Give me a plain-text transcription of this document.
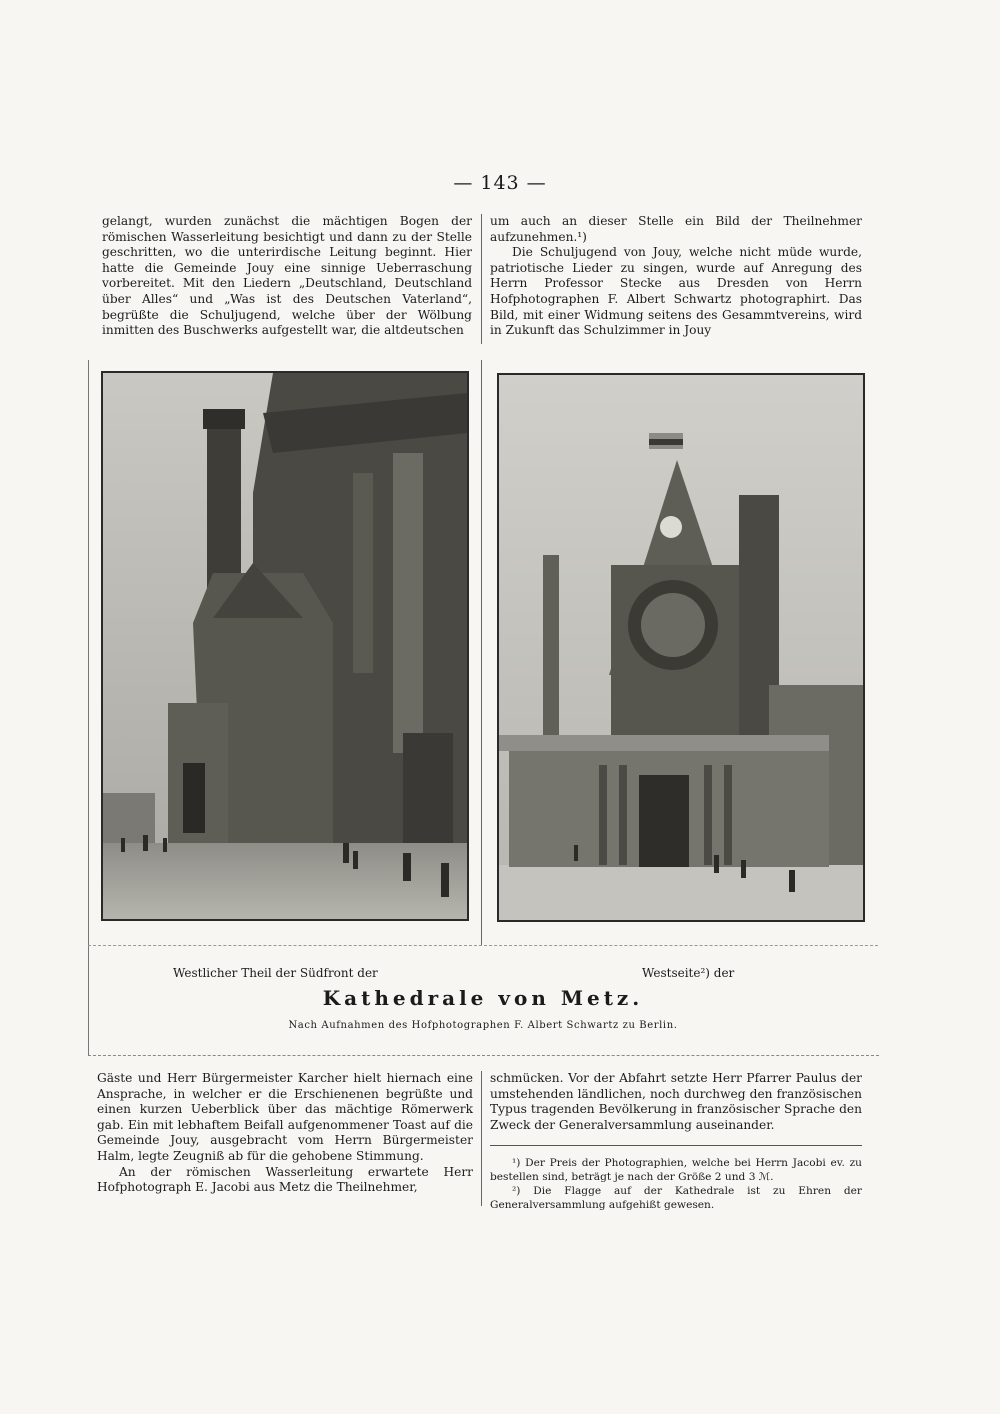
— 143 —

gelangt, wurden zunächst die mächtigen Bogen der römischen Wasserleitung besichtigt und dann zu der Stelle geschritten, wo die unterirdische Leitung beginnt. Hier hatte die Gemeinde Jouy eine sinnige Ueberraschung vorbereitet. Mit den Liedern „Deutschland, Deutschland über Alles“ und „Was ist des Deutschen Vaterland“, begrüßte die Schuljugend, welche über der Wölbung inmitten des Buschwerks aufgestellt war, die altdeutschen

um auch an dieser Stelle ein Bild der Theilnehmer aufzunehmen.¹)

Die Schuljugend von Jouy, welche nicht müde wurde, patriotische Lieder zu singen, wurde auf Anregung des Herrn Professor Stecke aus Dresden von Herrn Hofphotographen F. Albert Schwartz photographirt. Das Bild, mit einer Widmung seitens des Gesammtvereins, wird in Zukunft das Schulzimmer in Jouy

Westlicher Theil der Südfront der	Westseite²) der
Kathedrale von Metz.
Nach Aufnahmen des Hofphotographen F. Albert Schwartz zu Berlin.

Gäste und Herr Bürgermeister Karcher hielt hiernach eine Ansprache, in welcher er die Erschienenen begrüßte und einen kurzen Ueberblick über das mächtige Römerwerk gab. Ein mit lebhaftem Beifall aufgenommener Toast auf die Gemeinde Jouy, ausgebracht vom Herrn Bürgermeister Halm, legte Zeugniß ab für die gehobene Stimmung.

An der römischen Wasserleitung erwartete Herr Hofphotograph E. Jacobi aus Metz die Theilnehmer,

schmücken. Vor der Abfahrt setzte Herr Pfarrer Paulus der umstehenden ländlichen, noch durchweg den französischen Typus tragenden Bevölkerung in französischer Sprache den Zweck der Generalversammlung auseinander.

¹) Der Preis der Photographien, welche bei Herrn Jacobi ev. zu bestellen sind, beträgt je nach der Größe 2 und 3 ℳ.

²) Die Flagge auf der Kathedrale ist zu Ehren der Generalversammlung aufgehißt gewesen.
